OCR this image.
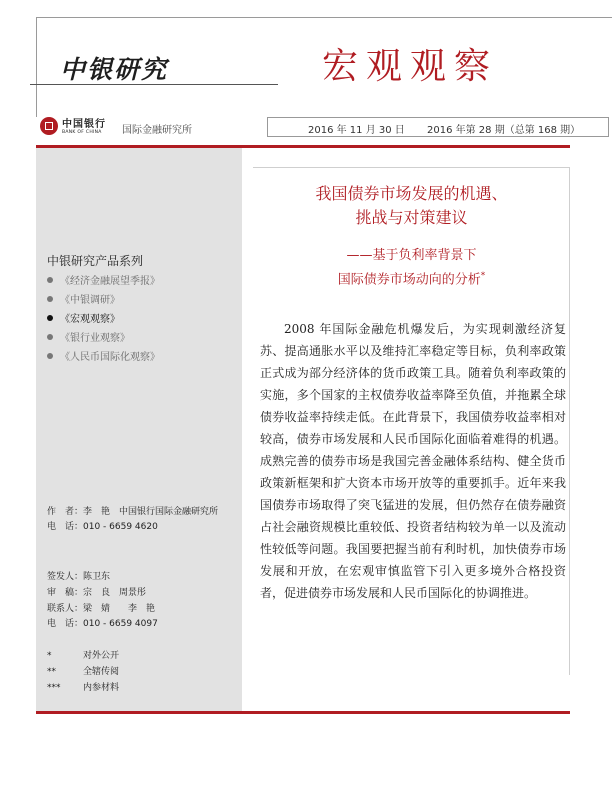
中银研究	宏观观察
中国银行
BANK OF CHINA 国际金融研究所	2016 年 11 月 30 日 2016 年第 28 期（总第 168 期）
中银研究产品系列
《经济金融展望季报》
《中银调研》
《宏观观察》
《银行业观察》
《人民币国际化观察》
作　者：李　艳　中国银行国际金融研究所
电　话：010 - 6659 4620
签发人：陈卫东
审　稿：宗　良　周景彤
联系人：梁　婧　　李　艳
电　话：010 - 6659 4097
*	对外公开
**	全辖传阅
***	内参材料
我国债券市场发展的机遇、
挑战与对策建议
——基于负利率背景下
国际债券市场动向的分析*

2008 年国际金融危机爆发后，为实现刺激经济复苏、提高通胀水平以及维持汇率稳定等目标，负利率政策正式成为部分经济体的货币政策工具。随着负利率政策的实施，多个国家的主权债券收益率降至负值，并拖累全球债券收益率持续走低。在此背景下，我国债券收益率相对较高，债券市场发展和人民币国际化面临着难得的机遇。成熟完善的债券市场是我国完善金融体系结构、健全货币政策新框架和扩大资本市场开放等的重要抓手。近年来我国债券市场取得了突飞猛进的发展，但仍然存在债券融资占社会融资规模比重较低、投资者结构较为单一以及流动性较低等问题。我国要把握当前有利时机，加快债券市场发展和开放，在宏观审慎监管下引入更多境外合格投资者，促进债券市场发展和人民币国际化的协调推进。
